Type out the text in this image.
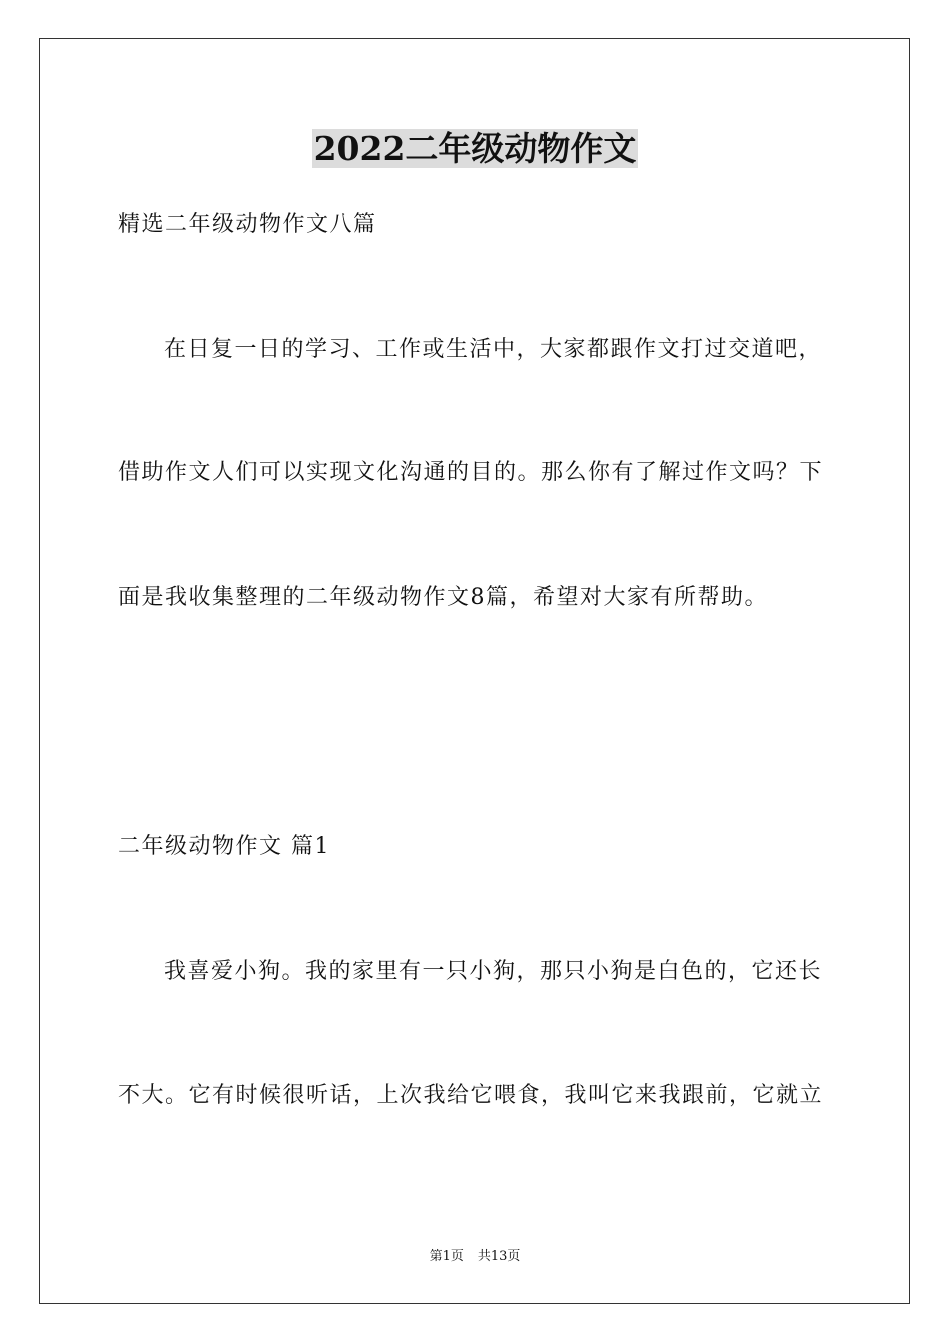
2022二年级动物作文
精选二年级动物作文八篇
在日复一日的学习、工作或生活中，大家都跟作文打过交道吧，
借助作文人们可以实现文化沟通的目的。那么你有了解过作文吗？下
面是我收集整理的二年级动物作文8篇，希望对大家有所帮助。
二年级动物作文 篇1
我喜爱小狗。我的家里有一只小狗，那只小狗是白色的，它还长
不大。它有时候很听话，上次我给它喂食，我叫它来我跟前，它就立
第1页 共13页
